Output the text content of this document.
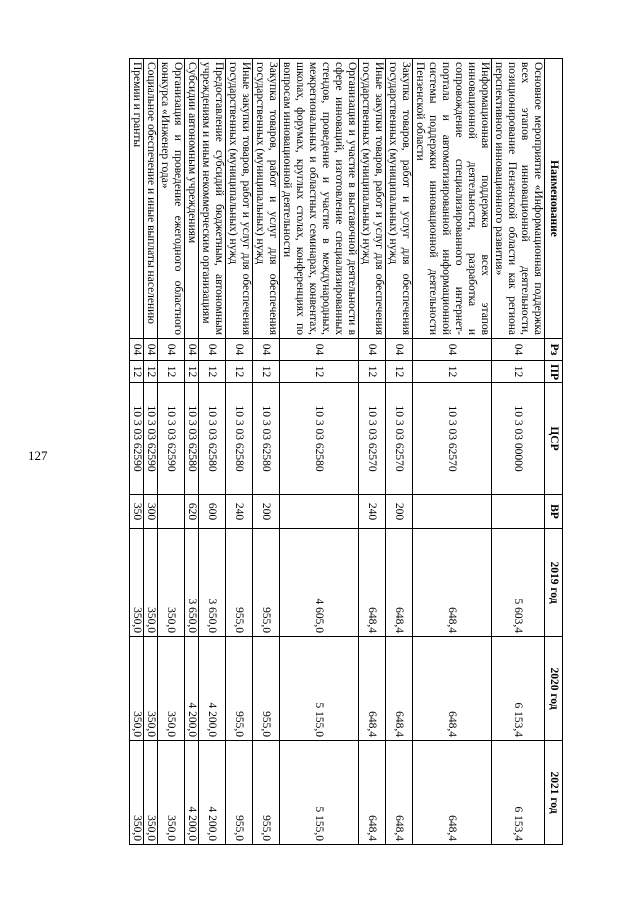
127
Наименование	Рз	ПР	ЦСР	ВР	2019 год	2020 год	2021 год
Основное мероприятие «Информационная поддержка всех этапов инновационной деятельности, позиционирование Пензенской области как региона перспективного инновационного развития»	04	12	10 3 03 00000		5 603,4	6 153,4	6 153,4
Информационная поддержка всех этапов инновационной деятельности, разработка и сопровождение специализированного интернет-портала и автоматизированной информационной системы поддержки инновационной деятельности Пензенской области	04	12	10 3 03 62570		648,4	648,4	648,4
Закупка товаров, работ и услуг для обеспечения государственных (муниципальных) нужд	04	12	10 3 03 62570	200	648,4	648,4	648,4
Иные закупки товаров, работ и услуг для обеспечения государственных (муниципальных) нужд	04	12	10 3 03 62570	240	648,4	648,4	648,4
Организация и участие в выставочной деятельности в сфере инноваций, изготовление специализированных стендов, проведение и участие в международных, межрегиональных и областных семинарах, конвентах, школах, форумах, круглых столах, конференциях по вопросам инновационной деятельности	04	12	10 3 03 62580		4 605,0	5 155,0	5 155,0
Закупка товаров, работ и услуг для обеспечения государственных (муниципальных) нужд	04	12	10 3 03 62580	200	955,0	955,0	955,0
Иные закупки товаров, работ и услуг для обеспечения государственных (муниципальных) нужд	04	12	10 3 03 62580	240	955,0	955,0	955,0
Предоставление субсидий бюджетным, автономным учреждениям и иным некоммерческим организациям	04	12	10 3 03 62580	600	3 650,0	4 200,0	4 200,0
Субсидии автономным учреждениям	04	12	10 3 03 62580	620	3 650,0	4 200,0	4 200,0
Организация и проведение ежегодного областного конкурса «Инженер года»	04	12	10 3 03 62590		350,0	350,0	350,0
Социальное обеспечение и иные выплаты населению	04	12	10 3 03 62590	300	350,0	350,0	350,0
Премии и гранты	04	12	10 3 03 62590	350	350,0	350,0	350,0
